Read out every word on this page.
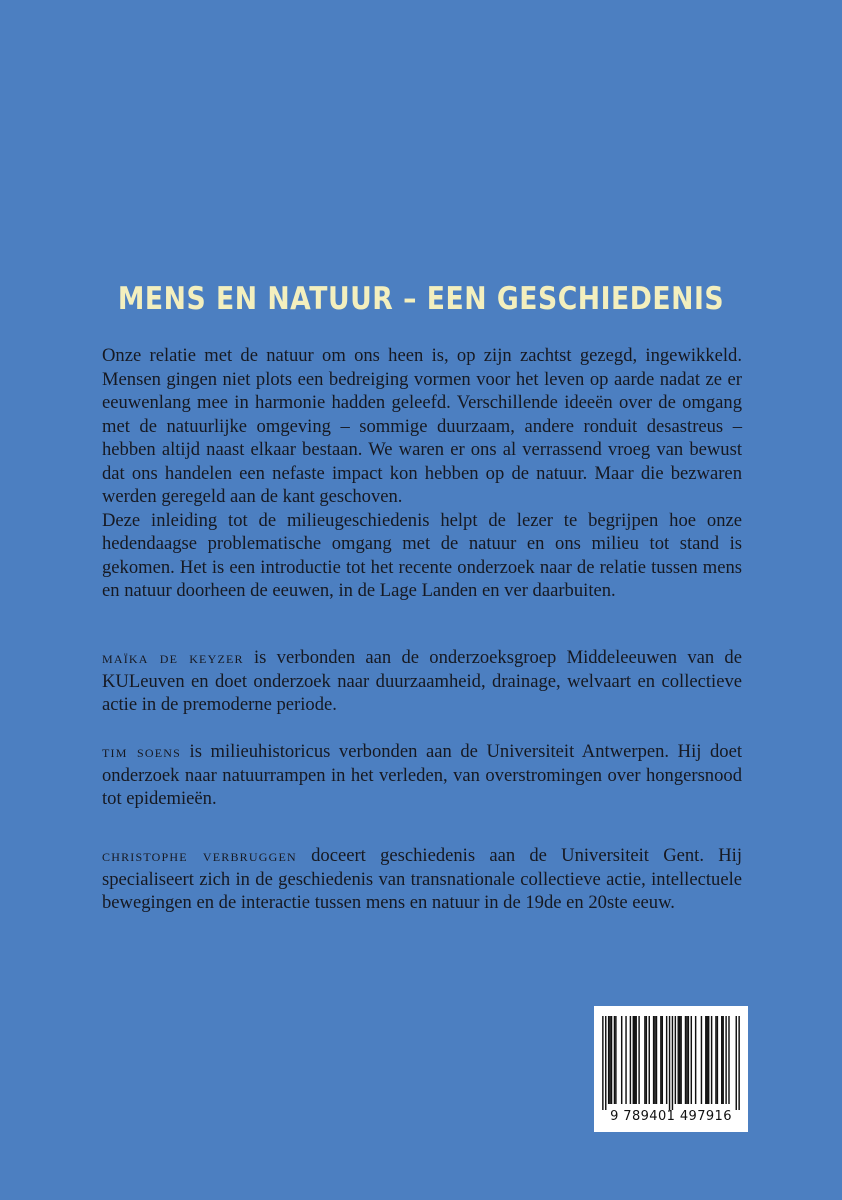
MENS EN NATUUR – EEN GESCHIEDENIS

Onze relatie met de natuur om ons heen is, op zijn zachtst gezegd, ingewikkeld. Mensen gingen niet plots een bedreiging vormen voor het leven op aarde nadat ze er eeuwenlang mee in harmonie hadden geleefd. Verschillende ideeën over de omgang met de natuurlijke omgeving – sommige duurzaam, andere ronduit desastreus – hebben altijd naast elkaar bestaan. We waren er ons al verrassend vroeg van bewust dat ons handelen een nefaste impact kon hebben op de natuur. Maar die bezwaren werden geregeld aan de kant geschoven.

Deze inleiding tot de milieugeschiedenis helpt de lezer te begrijpen hoe onze hedendaagse problematische omgang met de natuur en ons milieu tot stand is gekomen. Het is een introductie tot het recente onderzoek naar de relatie tussen mens en natuur doorheen de eeuwen, in de Lage Landen en ver daarbuiten.

maïka de keyzer is verbonden aan de onderzoeksgroep Middeleeuwen van de KULeuven en doet onderzoek naar duurzaamheid, drainage, welvaart en collectieve actie in de premoderne periode.
tim soens is milieuhistoricus verbonden aan de Universiteit Antwerpen. Hij doet onderzoek naar natuurrampen in het verleden, van overstromingen over hongersnood tot epidemieën.
christophe verbruggen doceert geschiedenis aan de Universiteit Gent. Hij specialiseert zich in de geschiedenis van transnationale collectieve actie, intellectuele bewegingen en de interactie tussen mens en natuur in de 19de en 20ste eeuw.
9 789401 497916
